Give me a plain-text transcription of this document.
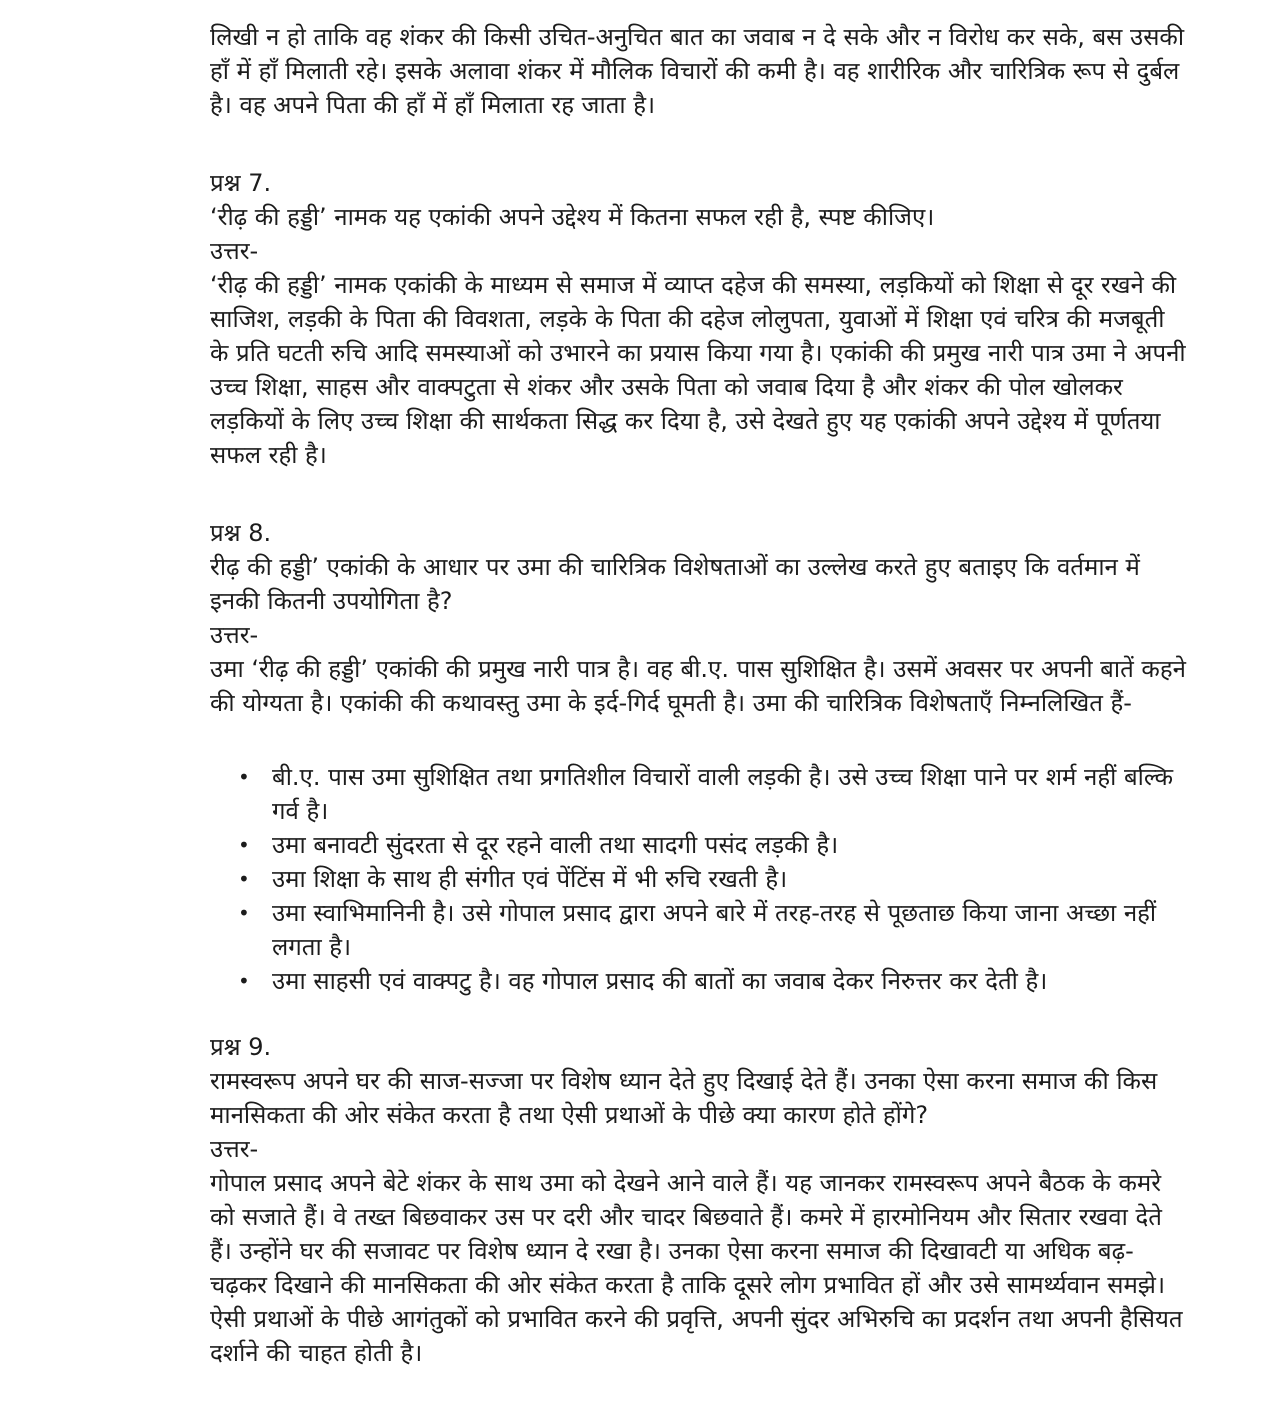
लिखी न हो ताकि वह शंकर की किसी उचित-अनुचित बात का जवाब न दे सके और न विरोध कर सके, बस उसकी हाँ में हाँ मिलाती रहे। इसके अलावा शंकर में मौलिक विचारों की कमी है। वह शारीरिक और चारित्रिक रूप से दुर्बल है। वह अपने पिता की हाँ में हाँ मिलाता रह जाता है।

प्रश्न 7.

‘रीढ़ की हड्डी’ नामक यह एकांकी अपने उद्देश्य में कितना सफल रही है, स्पष्ट कीजिए।

उत्तर-

‘रीढ़ की हड्डी’ नामक एकांकी के माध्यम से समाज में व्याप्त दहेज की समस्या, लड़कियों को शिक्षा से दूर रखने की साजिश, लड़की के पिता की विवशता, लड़के के पिता की दहेज लोलुपता, युवाओं में शिक्षा एवं चरित्र की मजबूती के प्रति घटती रुचि आदि समस्याओं को उभारने का प्रयास किया गया है। एकांकी की प्रमुख नारी पात्र उमा ने अपनी उच्च शिक्षा, साहस और वाक्पटुता से शंकर और उसके पिता को जवाब दिया है और शंकर की पोल खोलकर लड़कियों के लिए उच्च शिक्षा की सार्थकता सिद्ध कर दिया है, उसे देखते हुए यह एकांकी अपने उद्देश्य में पूर्णतया सफल रही है।

प्रश्न 8.

रीढ़ की हड्डी’ एकांकी के आधार पर उमा की चारित्रिक विशेषताओं का उल्लेख करते हुए बताइए कि वर्तमान में इनकी कितनी उपयोगिता है?

उत्तर-

उमा ‘रीढ़ की हड्डी’ एकांकी की प्रमुख नारी पात्र है। वह बी.ए. पास सुशिक्षित है। उसमें अवसर पर अपनी बातें कहने की योग्यता है। एकांकी की कथावस्तु उमा के इर्द-गिर्द घूमती है। उमा की चारित्रिक विशेषताएँ निम्नलिखित हैं-

• बी.ए. पास उमा सुशिक्षित तथा प्रगतिशील विचारों वाली लड़की है। उसे उच्च शिक्षा पाने पर शर्म नहीं बल्कि गर्व है।
• उमा बनावटी सुंदरता से दूर रहने वाली तथा सादगी पसंद लड़की है।
• उमा शिक्षा के साथ ही संगीत एवं पेंटिंस में भी रुचि रखती है।
• उमा स्वाभिमानिनी है। उसे गोपाल प्रसाद द्वारा अपने बारे में तरह-तरह से पूछताछ किया जाना अच्छा नहीं लगता है।
• उमा साहसी एवं वाक्पटु है। वह गोपाल प्रसाद की बातों का जवाब देकर निरुत्तर कर देती है।

प्रश्न 9.

रामस्वरूप अपने घर की साज-सज्जा पर विशेष ध्यान देते हुए दिखाई देते हैं। उनका ऐसा करना समाज की किस मानसिकता की ओर संकेत करता है तथा ऐसी प्रथाओं के पीछे क्या कारण होते होंगे?

उत्तर-

गोपाल प्रसाद अपने बेटे शंकर के साथ उमा को देखने आने वाले हैं। यह जानकर रामस्वरूप अपने बैठक के कमरे को सजाते हैं। वे तख्त बिछवाकर उस पर दरी और चादर बिछवाते हैं। कमरे में हारमोनियम और सितार रखवा देते हैं। उन्होंने घर की सजावट पर विशेष ध्यान दे रखा है। उनका ऐसा करना समाज की दिखावटी या अधिक बढ़-चढ़कर दिखाने की मानसिकता की ओर संकेत करता है ताकि दूसरे लोग प्रभावित हों और उसे सामर्थ्यवान समझे। ऐसी प्रथाओं के पीछे आगंतुकों को प्रभावित करने की प्रवृत्ति, अपनी सुंदर अभिरुचि का प्रदर्शन तथा अपनी हैसियत दर्शाने की चाहत होती है।
